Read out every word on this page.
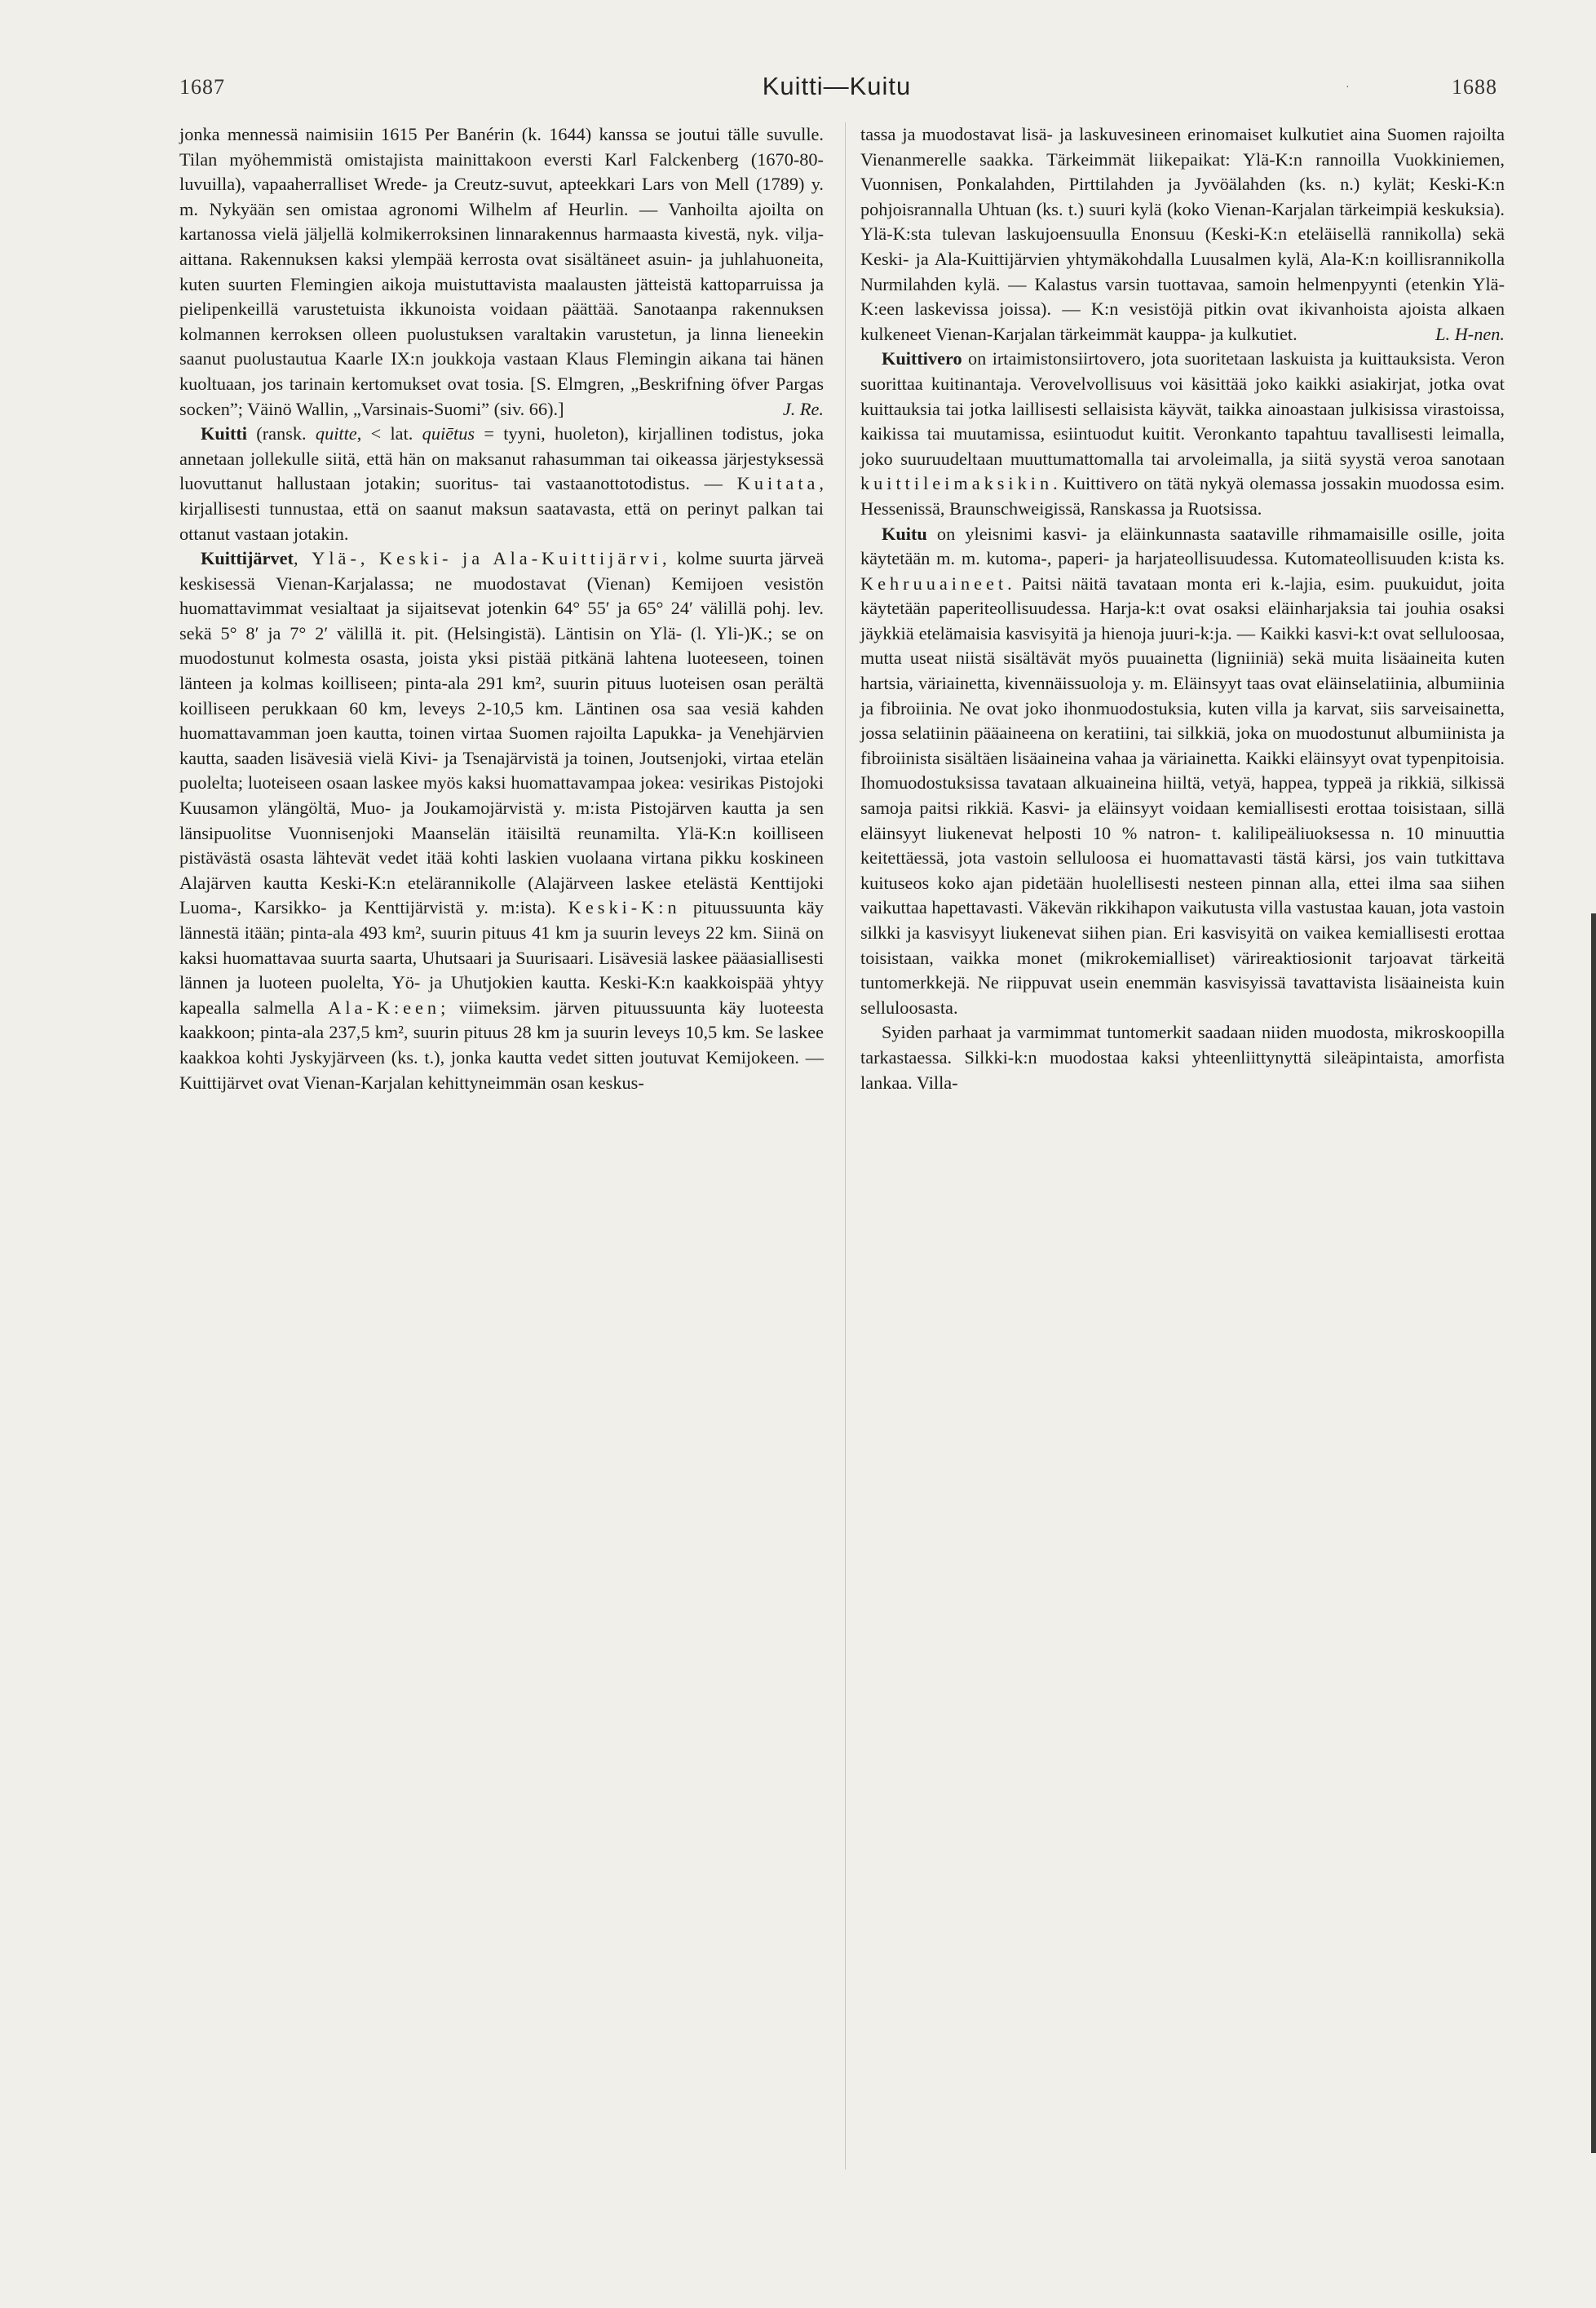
1687	Kuitti—Kuitu	1688
·

jonka mennessä naimisiin 1615 Per Banérin (k. 1644) kanssa se joutui tälle suvulle. Tilan myöhemmistä omistajista mainittakoon eversti Karl Falckenberg (1670-80-luvuilla), vapaaherralliset Wrede- ja Creutz-suvut, apteekkari Lars von Mell (1789) y. m. Nykyään sen omistaa agronomi Wilhelm af Heurlin. — Vanhoilta ajoilta on kartanossa vielä jäljellä kolmikerroksinen linnarakennus harmaasta kivestä, nyk. vilja-aittana. Rakennuksen kaksi ylempää kerrosta ovat sisältäneet asuin- ja juhlahuoneita, kuten suurten Flemingien aikoja muistuttavista maalausten jätteistä kattoparruissa ja pielipenkeillä varustetuista ikkunoista voidaan päättää. Sanotaanpa rakennuksen kolmannen kerroksen olleen puolustuksen varaltakin varustetun, ja linna lieneekin saanut puolustautua Kaarle IX:n joukkoja vastaan Klaus Flemingin aikana tai hänen kuoltuaan, jos tarinain kertomukset ovat tosia. [S. Elmgren, „Beskrifning öfver Pargas socken”; Väinö Wallin, „Varsinais-Suomi” (siv. 66).]	J. Re.

Kuitti (ransk. quitte, < lat. quiētus = tyyni, huoleton), kirjallinen todistus, joka annetaan jollekulle siitä, että hän on maksanut rahasumman tai oikeassa järjestyksessä luovuttanut hallustaan jotakin; suoritus- tai vastaanottotodistus. — Kuitata, kirjallisesti tunnustaa, että on saanut maksun saatavasta, että on perinyt palkan tai ottanut vastaan jotakin.

Kuittijärvet, Ylä-, Keski- ja Ala-Kuittijärvi, kolme suurta järveä keskisessä Vienan-Karjalassa; ne muodostavat (Vienan) Kemijoen vesistön huomattavimmat vesialtaat ja sijaitsevat jotenkin 64° 55′ ja 65° 24′ välillä pohj. lev. sekä 5° 8′ ja 7° 2′ välillä it. pit. (Helsingistä). Läntisin on Ylä- (l. Yli-)K.; se on muodostunut kolmesta osasta, joista yksi pistää pitkänä lahtena luoteeseen, toinen länteen ja kolmas koilliseen; pinta-ala 291 km², suurin pituus luoteisen osan perältä koilliseen perukkaan 60 km, leveys 2-10,5 km. Läntinen osa saa vesiä kahden huomattavamman joen kautta, toinen virtaa Suomen rajoilta Lapukka- ja Venehjärvien kautta, saaden lisävesiä vielä Kivi- ja Tsenajärvistä ja toinen, Joutsenjoki, virtaa etelän puolelta; luoteiseen osaan laskee myös kaksi huomattavampaa jokea: vesirikas Pistojoki Kuusamon ylängöltä, Muo- ja Joukamojärvistä y. m:ista Pistojärven kautta ja sen länsipuolitse Vuonnisenjoki Maanselän itäisiltä reunamilta. Ylä-K:n koilliseen pistävästä osasta lähtevät vedet itää kohti laskien vuolaana virtana pikku koskineen Alajärven kautta Keski-K:n etelärannikolle (Alajärveen laskee etelästä Kenttijoki Luoma-, Karsikko- ja Kenttijärvistä y. m:ista). Keski-K:n pituussuunta käy lännestä itään; pinta-ala 493 km², suurin pituus 41 km ja suurin leveys 22 km. Siinä on kaksi huomattavaa suurta saarta, Uhutsaari ja Suurisaari. Lisävesiä laskee pääasiallisesti lännen ja luoteen puolelta, Yö- ja Uhutjokien kautta. Keski-K:n kaakkoispää yhtyy kapealla salmella Ala-K:een; viimeksim. järven pituussuunta käy luoteesta kaakkoon; pinta-ala 237,5 km², suurin pituus 28 km ja suurin leveys 10,5 km. Se laskee kaakkoa kohti Jyskyjärveen (ks. t.), jonka kautta vedet sitten joutuvat Kemijokeen. — Kuittijärvet ovat Vienan-Karjalan kehittyneimmän osan keskus-

tassa ja muodostavat lisä- ja laskuvesineen erinomaiset kulkutiet aina Suomen rajoilta Vienanmerelle saakka. Tärkeimmät liikepaikat: Ylä-K:n rannoilla Vuokkiniemen, Vuonnisen, Ponkalahden, Pirttilahden ja Jyvöälahden (ks. n.) kylät; Keski-K:n pohjoisrannalla Uhtuan (ks. t.) suuri kylä (koko Vienan-Karjalan tärkeimpiä keskuksia). Ylä-K:sta tulevan laskujoensuulla Enonsuu (Keski-K:n eteläisellä rannikolla) sekä Keski- ja Ala-Kuittijärvien yhtymäkohdalla Luusalmen kylä, Ala-K:n koillisrannikolla Nurmilahden kylä. — Kalastus varsin tuottavaa, samoin helmenpyynti (etenkin Ylä-K:een laskevissa joissa). — K:n vesistöjä pitkin ovat ikivanhoista ajoista alkaen kulkeneet Vienan-Karjalan tärkeimmät kauppa- ja kulkutiet.	L. H-nen.

Kuittivero on irtaimistonsiirtovero, jota suoritetaan laskuista ja kuittauksista. Veron suorittaa kuitinantaja. Verovelvollisuus voi käsittää joko kaikki asiakirjat, jotka ovat kuittauksia tai jotka laillisesti sellaisista käyvät, taikka ainoastaan julkisissa virastoissa, kaikissa tai muutamissa, esiintuodut kuitit. Veronkanto tapahtuu tavallisesti leimalla, joko suuruudeltaan muuttumattomalla tai arvoleimalla, ja siitä syystä veroa sanotaan kuittileimaksikin. Kuittivero on tätä nykyä olemassa jossakin muodossa esim. Hessenissä, Braunschweigissä, Ranskassa ja Ruotsissa.

Kuitu on yleisnimi kasvi- ja eläinkunnasta saataville rihmamaisille osille, joita käytetään m. m. kutoma-, paperi- ja harjateollisuudessa. Kutomateollisuuden k:ista ks. Kehruuaineet. Paitsi näitä tavataan monta eri k.-lajia, esim. puukuidut, joita käytetään paperiteollisuudessa. Harja-k:t ovat osaksi eläinharjaksia tai jouhia osaksi jäykkiä etelämaisia kasvisyitä ja hienoja juuri-k:ja. — Kaikki kasvi-k:t ovat selluloosaa, mutta useat niistä sisältävät myös puuainetta (ligniiniä) sekä muita lisäaineita kuten hartsia, väriainetta, kivennäissuoloja y. m. Eläinsyyt taas ovat eläinselatiinia, albumiinia ja fibroiinia. Ne ovat joko ihonmuodostuksia, kuten villa ja karvat, siis sarveisainetta, jossa selatiinin pääaineena on keratiini, tai silkkiä, joka on muodostunut albumiinista ja fibroiinista sisältäen lisäaineina vahaa ja väriainetta. Kaikki eläinsyyt ovat typenpitoisia. Ihomuodostuksissa tavataan alkuaineina hiiltä, vetyä, happea, typpeä ja rikkiä, silkissä samoja paitsi rikkiä. Kasvi- ja eläinsyyt voidaan kemiallisesti erottaa toisistaan, sillä eläinsyyt liukenevat helposti 10 % natron- t. kalilipeäliuoksessa n. 10 minuuttia keitettäessä, jota vastoin selluloosa ei huomattavasti tästä kärsi, jos vain tutkittava kuituseos koko ajan pidetään huolellisesti nesteen pinnan alla, ettei ilma saa siihen vaikuttaa hapettavasti. Väkevän rikkihapon vaikutusta villa vastustaa kauan, jota vastoin silkki ja kasvisyyt liukenevat siihen pian. Eri kasvisyitä on vaikea kemiallisesti erottaa toisistaan, vaikka monet (mikrokemialliset) värireaktiosionit tarjoavat tärkeitä tuntomerkkejä. Ne riippuvat usein enemmän kasvisyissä tavattavista lisäaineista kuin selluloosasta.

Syiden parhaat ja varmimmat tuntomerkit saadaan niiden muodosta, mikroskoopilla tarkastaessa. Silkki-k:n muodostaa kaksi yhteenliittynyttä sileäpintaista, amorfista lankaa. Villa-
